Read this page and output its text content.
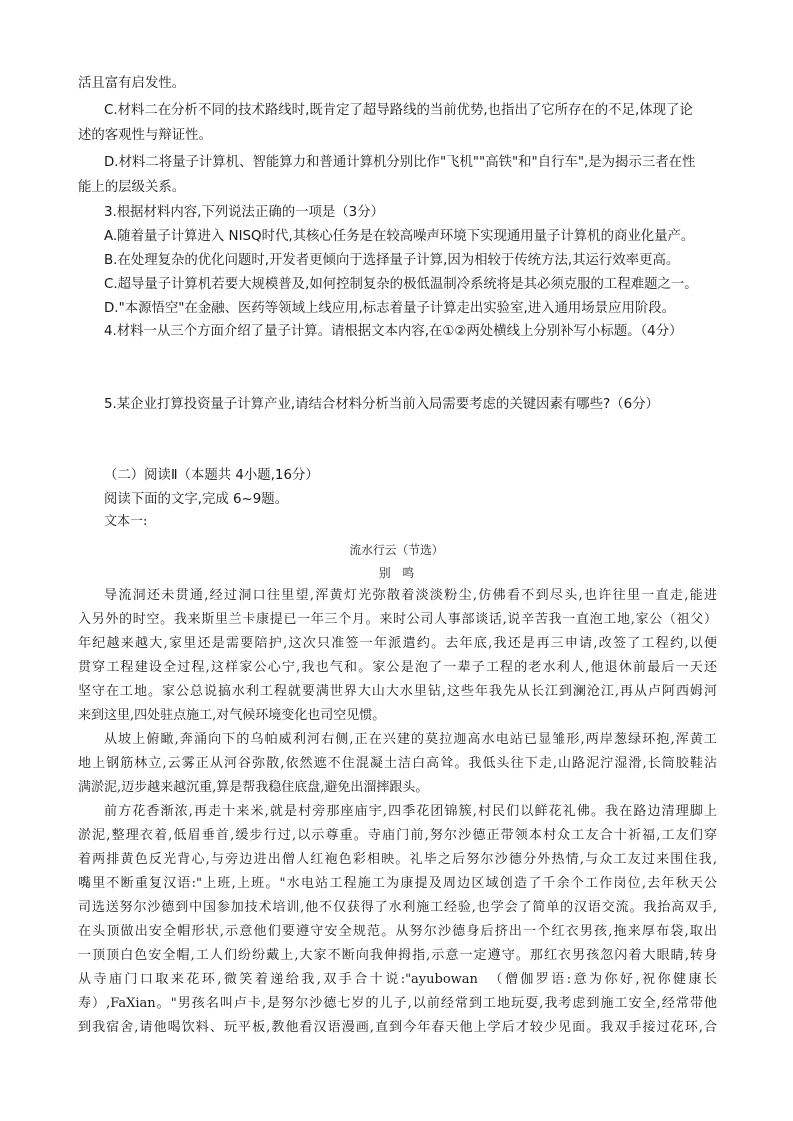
活且富有启发性。
C.材料二在分析不同的技术路线时,既肯定了超导路线的当前优势,也指出了它所存在的不足,体现了论
述的客观性与辩证性。
D.材料二将量子计算机、智能算力和普通计算机分别比作"飞机""高铁"和"自行车",是为揭示三者在性
能上的层级关系。
3.根据材料内容,下列说法正确的一项是（3分）
A.随着量子计算进入 NISQ时代,其核心任务是在较高噪声环境下实现通用量子计算机的商业化量产。
B.在处理复杂的优化问题时,开发者更倾向于选择量子计算,因为相较于传统方法,其运行效率更高。
C.超导量子计算机若要大规模普及,如何控制复杂的极低温制冷系统将是其必须克服的工程难题之一。
D."本源悟空"在金融、医药等领域上线应用,标志着量子计算走出实验室,进入通用场景应用阶段。
4.材料一从三个方面介绍了量子计算。请根据文本内容,在①②两处横线上分别补写小标题。（4分）
5.某企业打算投资量子计算产业,请结合材料分析当前入局需要考虑的关键因素有哪些?（6分）
（二）阅读Ⅱ（本题共 4小题,16分）
阅读下面的文字,完成 6~9题。
文本一:
流水行云（节选）
别　鸣
导流洞还未贯通,经过洞口往里望,浑黄灯光弥散着淡淡粉尘,仿佛看不到尽头,也许往里一直走,能进
入另外的时空。我来斯里兰卡康提已一年三个月。来时公司人事部谈话,说辛苦我一直泡工地,家公（祖父）
年纪越来越大,家里还是需要陪护,这次只准签一年派遣约。去年底,我还是再三申请,改签了工程约,以便
贯穿工程建设全过程,这样家公心宁,我也气和。家公是泡了一辈子工程的老水利人,他退休前最后一天还
坚守在工地。家公总说搞水利工程就要满世界大山大水里钻,这些年我先从长江到澜沧江,再从卢阿西姆河
来到这里,四处驻点施工,对气候环境变化也司空见惯。
从坡上俯瞰,奔涌向下的乌帕威利河右侧,正在兴建的莫拉迦高水电站已显雏形,两岸葱绿环抱,浑黄工
地上钢筋林立,云雾正从河谷弥散,依然遮不住混凝土洁白高耸。我低头往下走,山路泥泞湿滑,长筒胶鞋沾
满淤泥,迈步越来越沉重,算是帮我稳住底盘,避免出溜摔跟头。
前方花香渐浓,再走十来米,就是村旁那座庙宇,四季花团锦簇,村民们以鲜花礼佛。我在路边清理脚上
淤泥,整理衣着,低眉垂首,缓步行过,以示尊重。寺庙门前,努尔沙德正带领本村众工友合十祈福,工友们穿
着两排黄色反光背心,与旁边进出僧人红袍色彩相映。礼毕之后努尔沙德分外热情,与众工友过来围住我,
嘴里不断重复汉语:"上班,上班。"水电站工程施工为康提及周边区域创造了千余个工作岗位,去年秋天公
司选送努尔沙德到中国参加技术培训,他不仅获得了水利施工经验,也学会了简单的汉语交流。我抬高双手,
在头顶做出安全帽形状,示意他们要遵守安全规范。从努尔沙德身后挤出一个红衣男孩,拖来厚布袋,取出
一顶顶白色安全帽,工人们纷纷戴上,大家不断向我伸拇指,示意一定遵守。那红衣男孩忽闪着大眼睛,转身
从寺庙门口取来花环,微笑着递给我,双手合十说:"ayubowan　（僧伽罗语:意为你好,祝你健康长
寿）,FaXian。"男孩名叫卢卡,是努尔沙德七岁的儿子,以前经常到工地玩耍,我考虑到施工安全,经常带他
到我宿舍,请他喝饮料、玩平板,教他看汉语漫画,直到今年春天他上学后才较少见面。我双手接过花环,合
